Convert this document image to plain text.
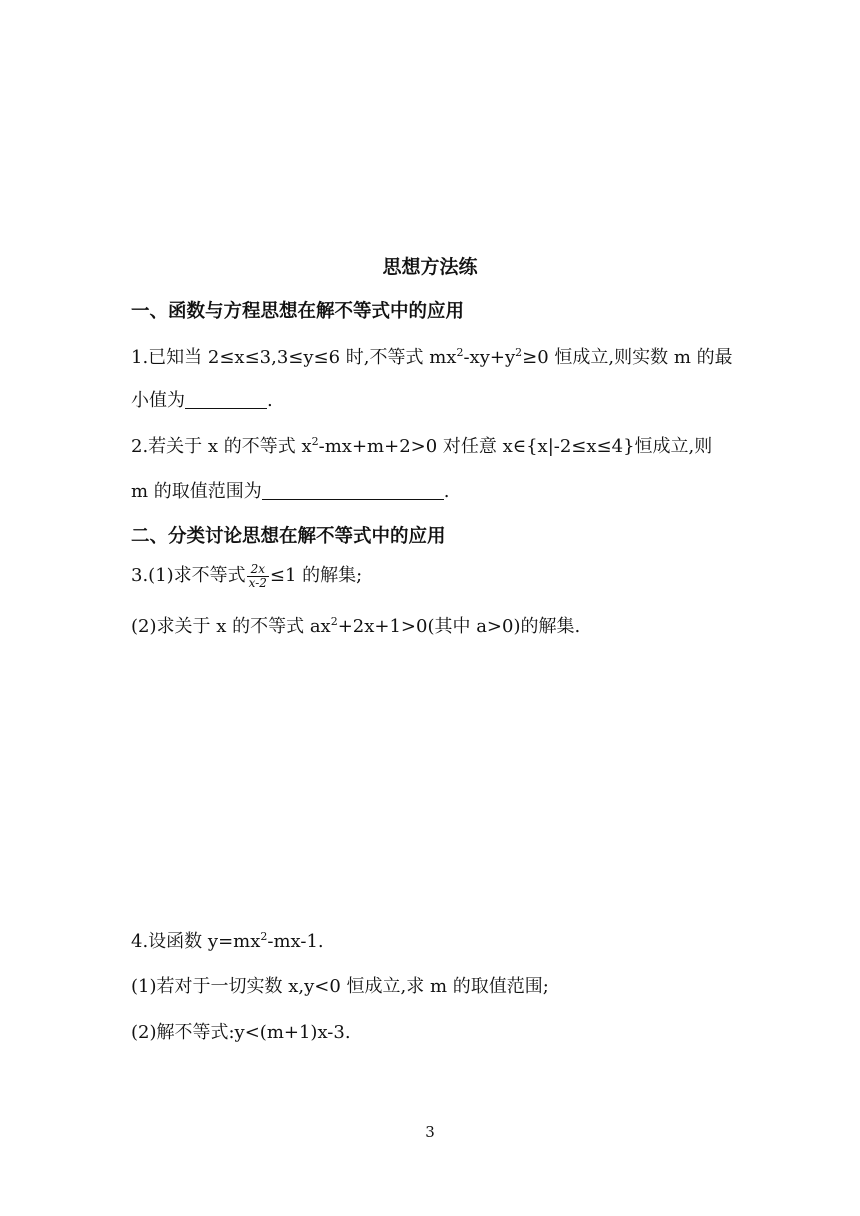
思想方法练
一、函数与方程思想在解不等式中的应用
1.已知当 2≤x≤3,3≤y≤6 时,不等式 $mx^2-xy+y^2\ge 0$ 恒成立,则实数 m 的最
小值为	.
2.若关于 x 的不等式 $x^2-mx+m+2>0$ 对任意 x∈{x|-2≤x≤4}恒成立,则
m 的取值范围为	.
二、分类讨论思想在解不等式中的应用
3.(1)求不等式 $\frac{2x}{x-2} \le 1$ 的解集;
(2)求关于 x 的不等式 $ax^2+2x+1>0$(其中 a>0)的解集.
4.设函数 $y=mx^2-mx-1$.
(1)若对于一切实数 x,y<0 恒成立,求 m 的取值范围;
(2)解不等式:y<(m+1)x-3.
3
